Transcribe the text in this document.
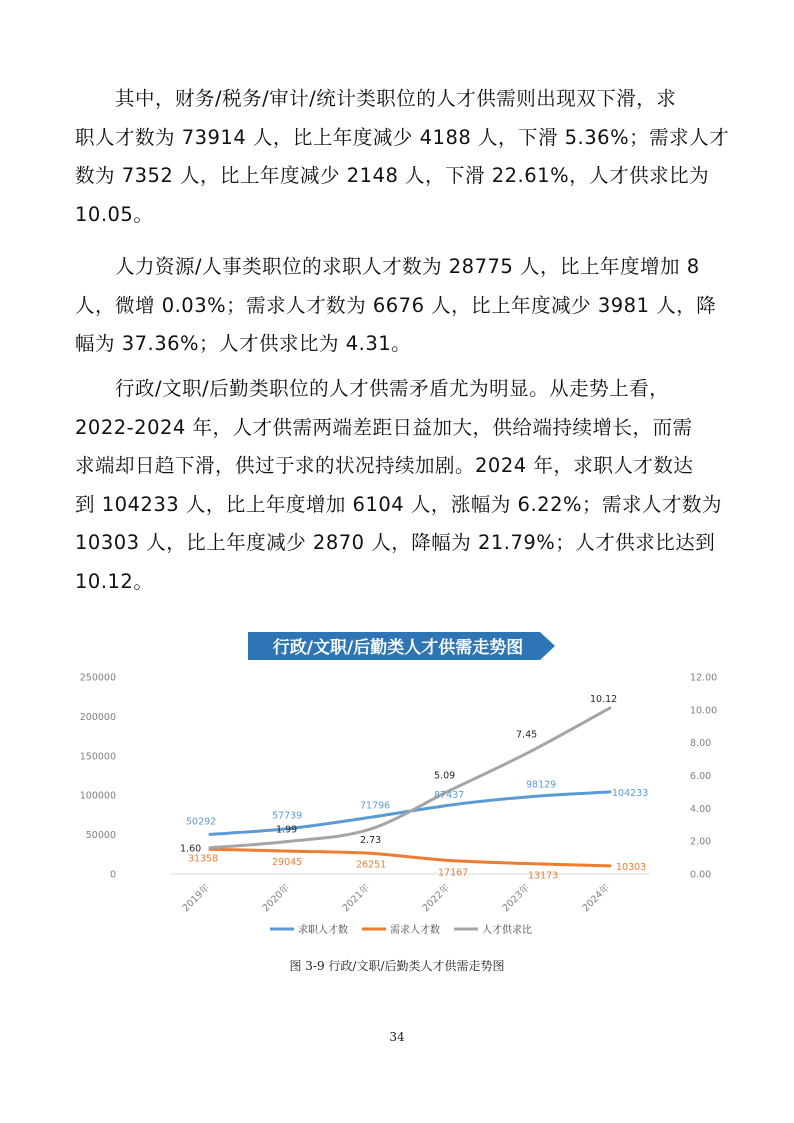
　　其中，财务/税务/审计/统计类职位的人才供需则出现双下滑，求
职人才数为 73914 人，比上年度减少 4188 人，下滑 5.36%；需求人才
数为 7352 人，比上年度减少 2148 人，下滑 22.61%，人才供求比为
10.05。
　　人力资源/人事类职位的求职人才数为 28775 人，比上年度增加 8
人，微增 0.03%；需求人才数为 6676 人，比上年度减少 3981 人，降
幅为 37.36%；人才供求比为 4.31。
　　行政/文职/后勤类职位的人才供需矛盾尤为明显。从走势上看，
2022-2024 年，人才供需两端差距日益加大，供给端持续增长，而需
求端却日趋下滑，供过于求的状况持续加剧。2024 年，求职人才数达
到 104233 人，比上年度增加 6104 人，涨幅为 6.22%；需求人才数为
10303 人，比上年度减少 2870 人，降幅为 21.79%；人才供求比达到
10.12。
行政/文职/后勤类人才供需走势图
0
50000
100000
150000
200000
250000
0.00
2.00
4.00
6.00
8.00
10.00
12.00
2019年	2020年	2021年	2022年	2023年	2024年
50292
57739
71796
87437
98129
104233
31358	29045	26251
17167	13173
10303
1.60
1.99
2.73
5.09
7.45
10.12
求职人才数	需求人才数	人才供求比
图 3-9 行政/文职/后勤类人才供需走势图
34
